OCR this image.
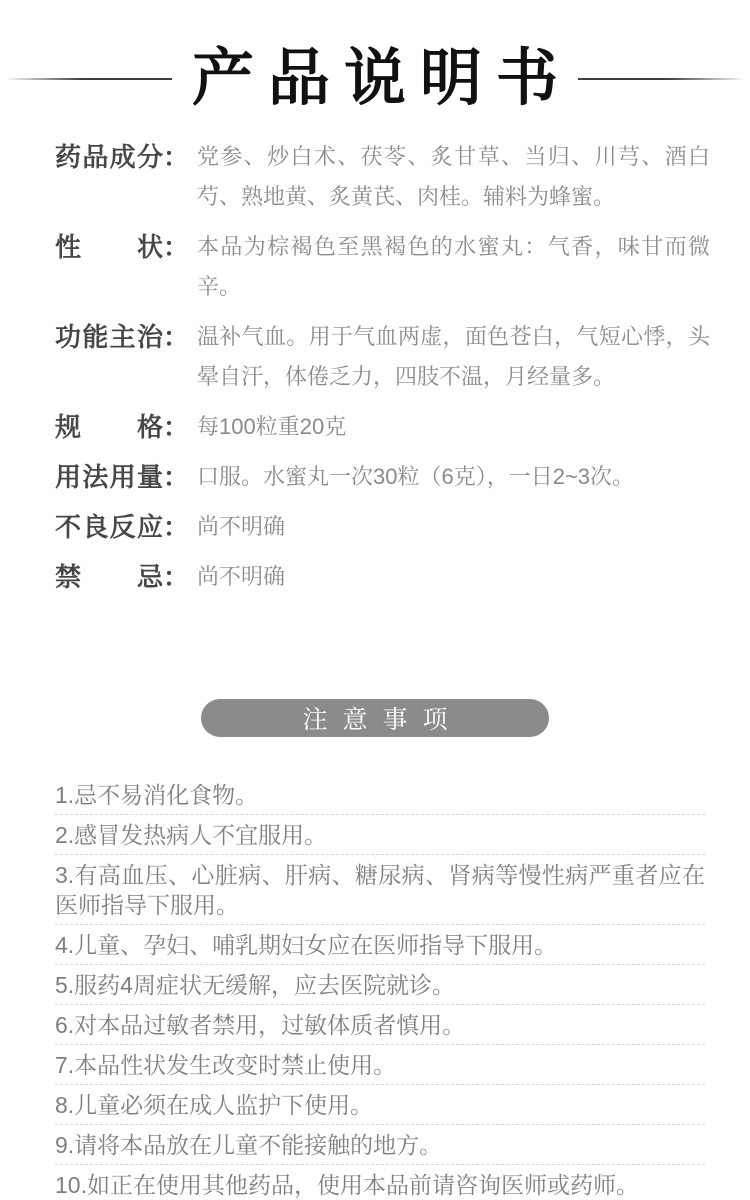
产品说明书
药品成分 ： 党参、炒白术、茯苓、炙甘草、当归、川芎、酒白芍、熟地黄、炙黄芪、肉桂。辅料为蜂蜜。

性状 ： 本品为棕褐色至黑褐色的水蜜丸：气香，味甘而微辛。

功能主治 ： 温补气血。用于气血两虚，面色苍白，气短心悸，头晕自汗，体倦乏力，四肢不温，月经量多。

规格 ： 每100粒重20克

用法用量 ： 口服。水蜜丸一次30粒（6克），一日2~3次。

不良反应 ： 尚不明确

禁忌 ： 尚不明确

注意事项
1.忌不易消化食物。
2.感冒发热病人不宜服用。
3.有高血压、心脏病、肝病、糖尿病、肾病等慢性病严重者应在医师指导下服用。
4.儿童、孕妇、哺乳期妇女应在医师指导下服用。
5.服药4周症状无缓解，应去医院就诊。
6.对本品过敏者禁用，过敏体质者慎用。
7.本品性状发生改变时禁止使用。
8.儿童必须在成人监护下使用。
9.请将本品放在儿童不能接触的地方。
10.如正在使用其他药品，使用本品前请咨询医师或药师。
